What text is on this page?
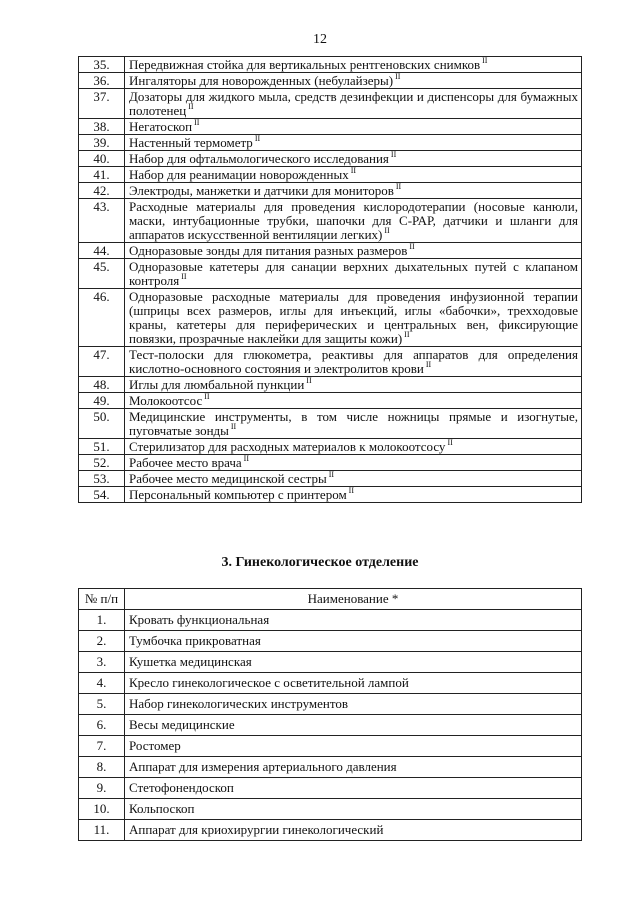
12
35.	Передвижная стойка для вертикальных рентгеновских снимков $^{II}$
36.	Ингаляторы для новорожденных (небулайзеры) $^{II}$
37.	Дозаторы для жидкого мыла, средств дезинфекции и диспенсоры для бумажных полотенец $^{II}$
38.	Негатоскоп $^{II}$
39.	Настенный термометр $^{II}$
40.	Набор для офтальмологического исследования $^{II}$
41.	Набор для реанимации новорожденных $^{II}$
42.	Электроды, манжетки и датчики для мониторов $^{II}$
43.	Расходные материалы для проведения кислородотерапии (носовые канюли, маски, интубационные трубки, шапочки для С-РАР, датчики и шланги для аппаратов искусственной вентиляции легких) $^{II}$
44.	Одноразовые зонды для питания разных размеров $^{II}$
45.	Одноразовые катетеры для санации верхних дыхательных путей с клапаном контроля $^{II}$
46.	Одноразовые расходные материалы для проведения инфузионной терапии (шприцы всех размеров, иглы для инъекций, иглы «бабочки», трехходовые краны, катетеры для периферических и центральных вен, фиксирующие повязки, прозрачные наклейки для защиты кожи) $^{II}$
47.	Тест-полоски для глюкометра, реактивы для аппаратов для определения кислотно-основного состояния и электролитов крови $^{II}$
48.	Иглы для люмбальной пункции $^{II}$
49.	Молокоотсос $^{II}$
50.	Медицинские инструменты, в том числе ножницы прямые и изогнутые, пуговчатые зонды $^{II}$
51.	Стерилизатор для расходных материалов к молокоотсосу $^{II}$
52.	Рабочее место врача $^{II}$
53.	Рабочее место медицинской сестры $^{II}$
54.	Персональный компьютер с принтером $^{II}$
3. Гинекологическое отделение
№ п/п	Наименование *
1.	Кровать функциональная
2.	Тумбочка прикроватная
3.	Кушетка медицинская
4.	Кресло гинекологическое с осветительной лампой
5.	Набор гинекологических инструментов
6.	Весы медицинские
7.	Ростомер
8.	Аппарат для измерения артериального давления
9.	Стетофонендоскоп
10.	Кольпоскоп
11.	Аппарат для криохирургии гинекологический
